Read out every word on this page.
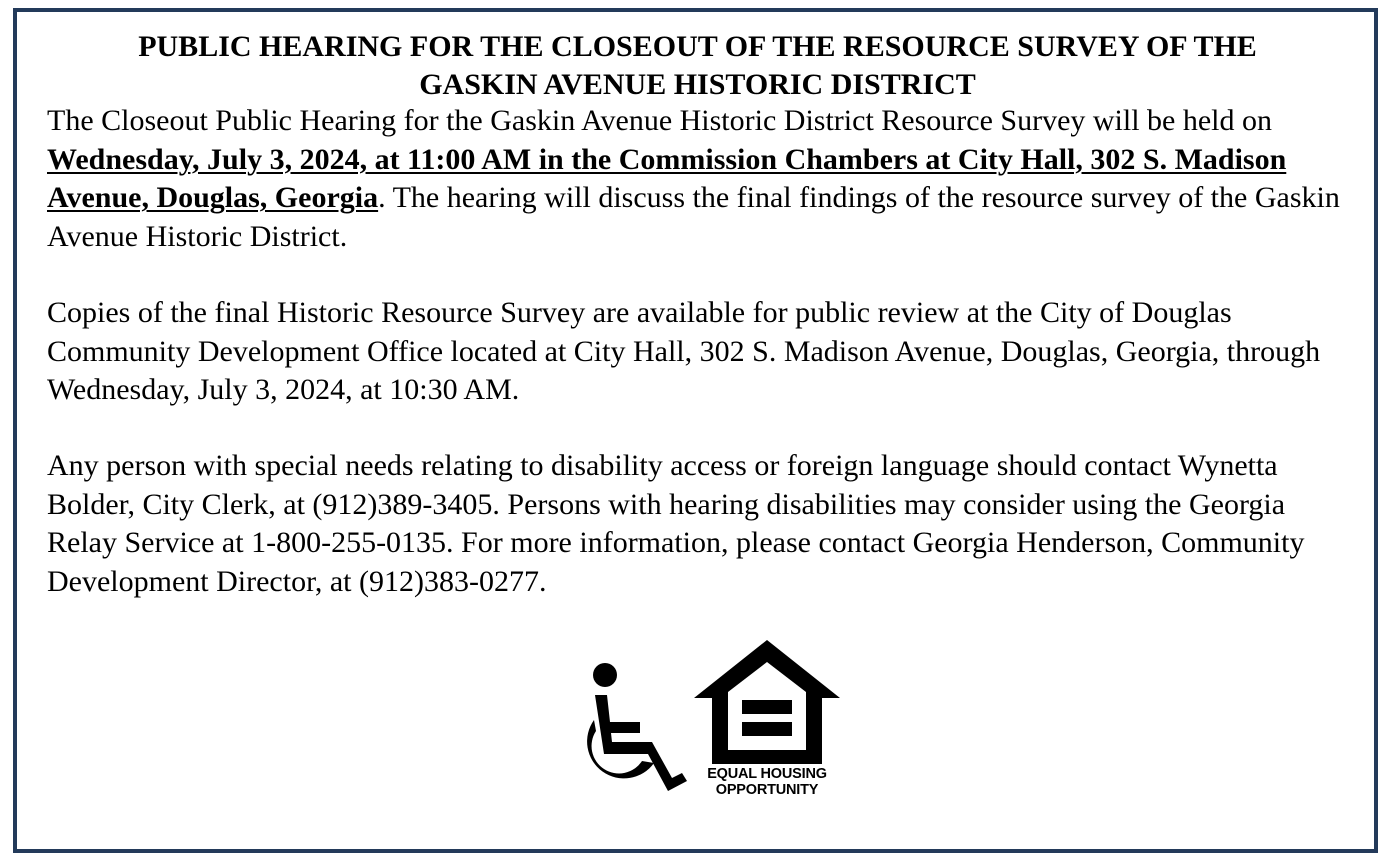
PUBLIC HEARING FOR THE CLOSEOUT OF THE RESOURCE SURVEY OF THE
GASKIN AVENUE HISTORIC DISTRICT
The Closeout Public Hearing for the Gaskin Avenue Historic District Resource Survey will be held on Wednesday, July 3, 2024, at 11:00 AM in the Commission Chambers at City Hall, 302 S. Madison Avenue, Douglas, Georgia. The hearing will discuss the final findings of the resource survey of the Gaskin Avenue Historic District.
Copies of the final Historic Resource Survey are available for public review at the City of Douglas Community Development Office located at City Hall, 302 S. Madison Avenue, Douglas, Georgia, through Wednesday, July 3, 2024, at 10:30 AM.
Any person with special needs relating to disability access or foreign language should contact Wynetta Bolder, City Clerk, at (912)389-3405. Persons with hearing disabilities may consider using the Georgia Relay Service at 1-800-255-0135. For more information, please contact Georgia Henderson, Community Development Director, at (912)383-0277.
EQUAL HOUSING
OPPORTUNITY
